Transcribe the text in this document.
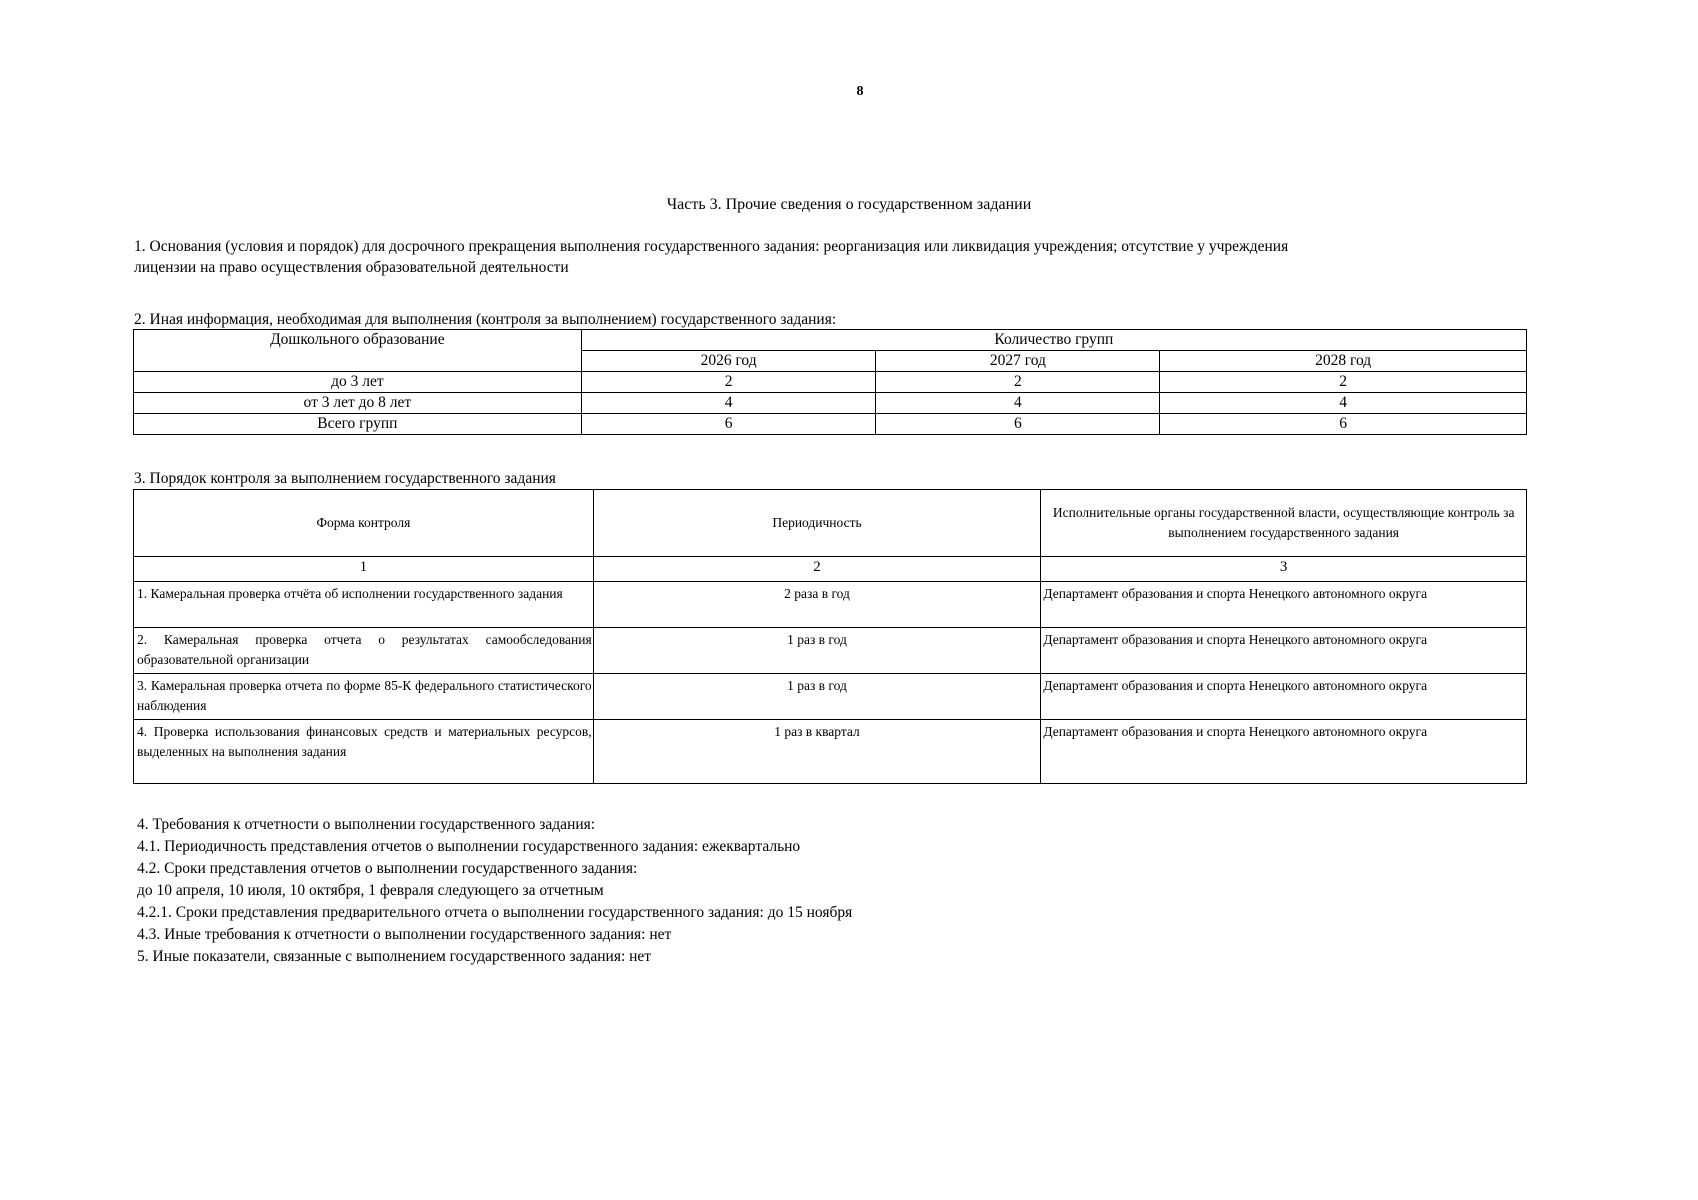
8
Часть 3. Прочие сведения о государственном задании
1. Основания (условия и порядок) для досрочного прекращения выполнения государственного задания: реорганизация или ликвидация учреждения; отсутствие у учреждения
лицензии на право осуществления образовательной деятельности
2. Иная информация, необходимая для выполнения (контроля за выполнением) государственного задания:
Дошкольного образование	Количество групп		
	2026 год	2027 год	2028 год
до 3 лет	2	2	2
от 3 лет до 8 лет	4	4	4
Всего групп	6	6	6
3. Порядок контроля за выполнением государственного задания
Форма контроля	Периодичность	Исполнительные органы государственной власти, осуществляющие контроль за выполнением государственного задания
1	2	3
1. Камеральная проверка отчёта об исполнении государственного задания	2 раза в год	Департамент образования и спорта Ненецкого автономного округа
2. Камеральная проверка отчета о результатах самообследования образовательной организации	1 раз в год	Департамент образования и спорта Ненецкого автономного округа
3. Камеральная проверка отчета по форме 85-К федерального статистического наблюдения	1 раз в год	Департамент образования и спорта Ненецкого автономного округа
4. Проверка использования финансовых средств и материальных ресурсов, выделенных на выполнения задания	1 раз в квартал	Департамент образования и спорта Ненецкого автономного округа
4. Требования к отчетности о выполнении государственного задания:
4.1. Периодичность представления отчетов о выполнении государственного задания: ежеквартально
4.2. Сроки представления отчетов о выполнении государственного задания:
до 10 апреля, 10 июля, 10 октября, 1 февраля следующего за отчетным
4.2.1. Сроки представления предварительного отчета о выполнении государственного задания: до 15 ноября
4.3. Иные требования к отчетности о выполнении государственного задания: нет
5. Иные показатели, связанные с выполнением государственного задания: нет
